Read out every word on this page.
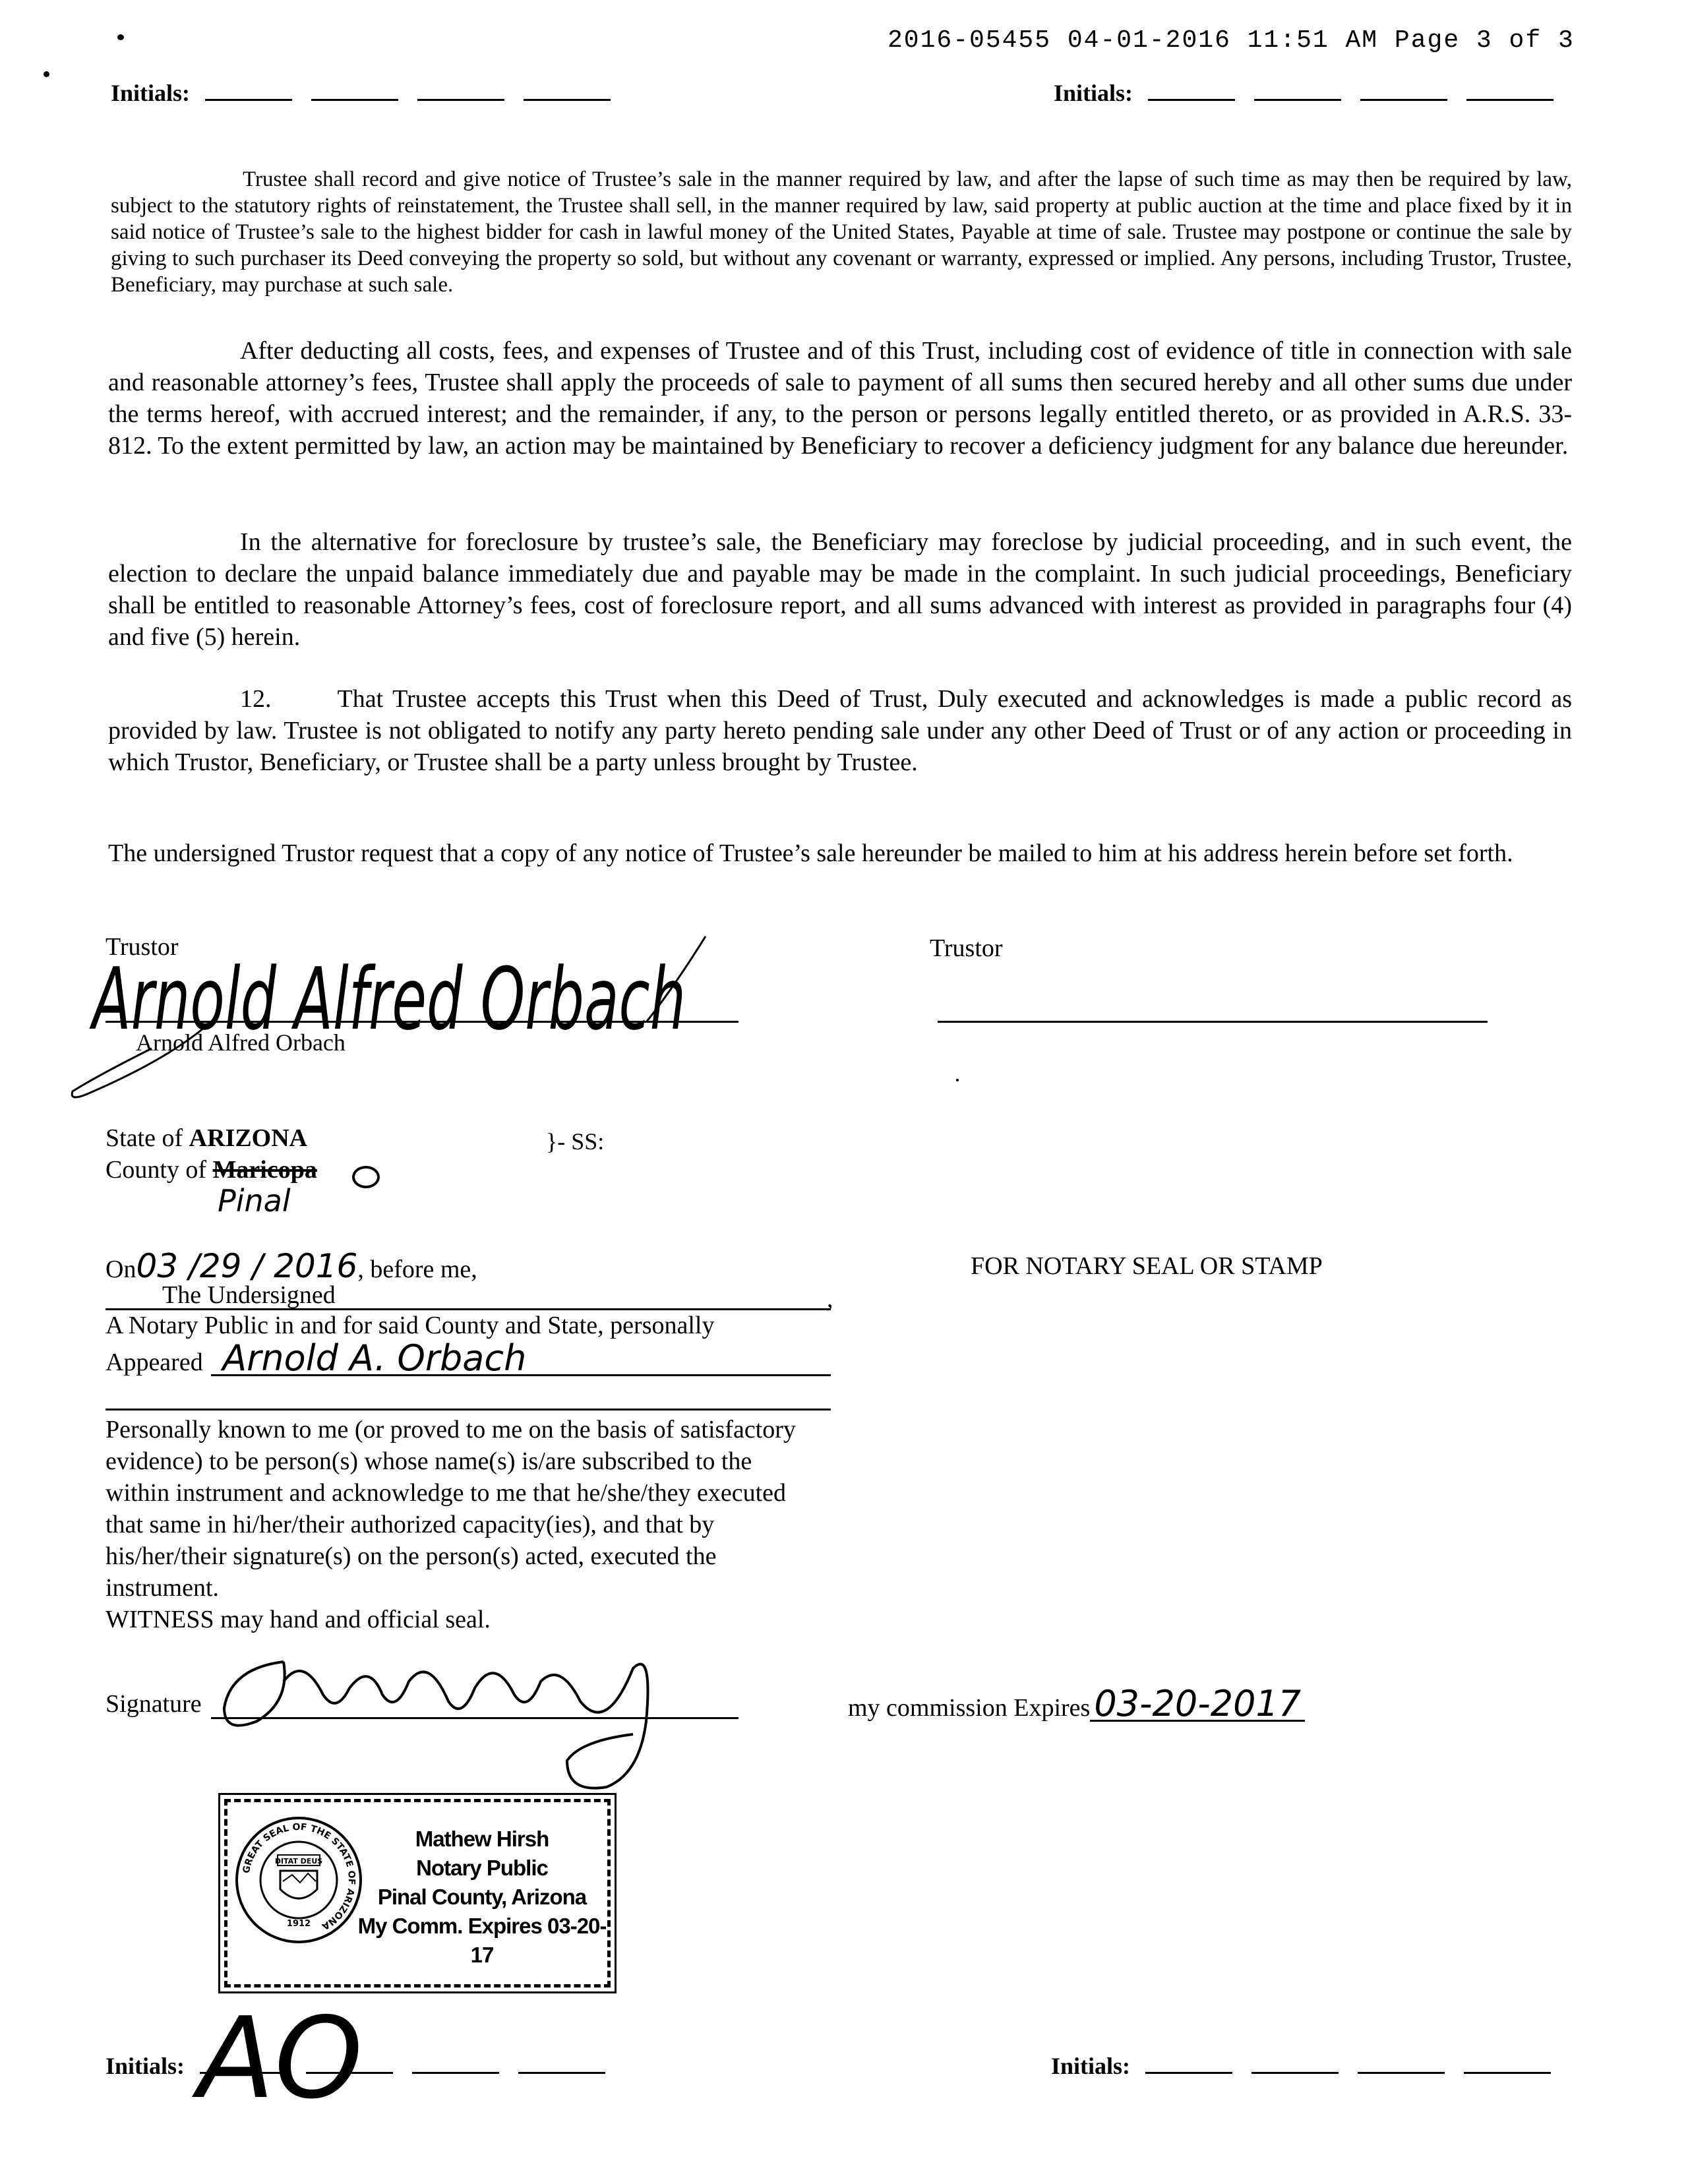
2016-05455 04-01-2016 11:51 AM Page 3 of 3
Initials:	Initials:
Trustee shall record and give notice of Trustee’s sale in the manner required by law, and after the lapse of such time as may then be required by law, subject to the statutory rights of reinstatement, the Trustee shall sell, in the manner required by law, said property at public auction at the time and place fixed by it in said notice of Trustee’s sale to the highest bidder for cash in lawful money of the United States, Payable at time of sale. Trustee may postpone or continue the sale by giving to such purchaser its Deed conveying the property so sold, but without any covenant or warranty, expressed or implied. Any persons, including Trustor, Trustee, Beneficiary, may purchase at such sale.
After deducting all costs, fees, and expenses of Trustee and of this Trust, including cost of evidence of title in connection with sale and reasonable attorney’s fees, Trustee shall apply the proceeds of sale to payment of all sums then secured hereby and all other sums due under the terms hereof, with accrued interest; and the remainder, if any, to the person or persons legally entitled thereto, or as provided in A.R.S. 33-812. To the extent permitted by law, an action may be maintained by Beneficiary to recover a deficiency judgment for any balance due hereunder.
In the alternative for foreclosure by trustee’s sale, the Beneficiary may foreclose by judicial proceeding, and in such event, the election to declare the unpaid balance immediately due and payable may be made in the complaint. In such judicial proceedings, Beneficiary shall be entitled to reasonable Attorney’s fees, cost of foreclosure report, and all sums advanced with interest as provided in paragraphs four (4) and five (5) herein.
12.	That Trustee accepts this Trust when this Deed of Trust, Duly executed and acknowledges is made a public record as provided by law. Trustee is not obligated to notify any party hereto pending sale under any other Deed of Trust or of any action or proceeding in which Trustor, Beneficiary, or Trustee shall be a party unless brought by Trustee.
The undersigned Trustor request that a copy of any notice of Trustee’s sale hereunder be mailed to him at his address herein before set forth.
Trustor	Trustor
Arnold Alfred Orbach
Arnold Alfred Orbach
State of ARIZONA	}- SS:
County of Maricopa
Pinal
On03 /29 / 2016, before me,
The Undersigned	,
A Notary Public in and for said County and State, personally
Appeared Arnold A. Orbach
Personally known to me (or proved to me on the basis of satisfactory evidence) to be person(s) whose name(s) is/are subscribed to the within instrument and acknowledge to me that he/she/they executed that same in hi/her/their authorized capacity(ies), and that by his/her/their signature(s) on the person(s) acted, executed the instrument.
WITNESS may hand and official seal.
FOR NOTARY SEAL OR STAMP
Signature	my commission Expires 03-20-2017
GREAT SEAL OF THE STATE OF ARIZONA
DITAT DEUS
1912
Mathew Hirsh
Notary Public
Pinal County, Arizona
My Comm. Expires 03-20-17
Initials: AO	Initials:
